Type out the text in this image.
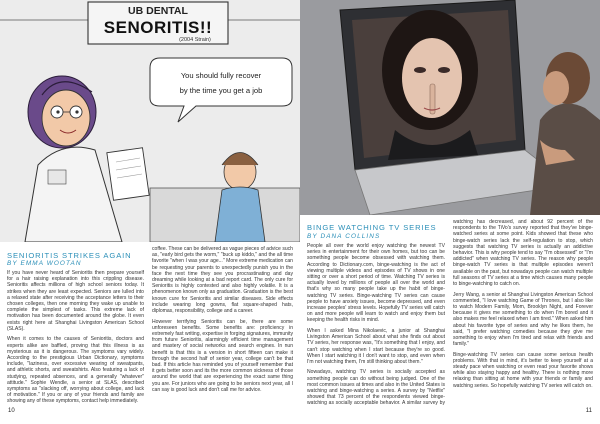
UB DENTAL
SENORITIS!!
(2004 Strain)
You should fully recover
by the time you get a job
SENIORITIS STRIKES AGAIN
BY EMMA WOOTAN

If you have never heard of Senioritis then prepare yourself for a hair raising explanation into this crippling disease. Senioritis affects millions of high school seniors today. It strikes when they are least expected. Seniors are lulled into a relaxed state after receiving the acceptance letters to their chosen colleges, then one morning they wake up unable to complete the simplest of tasks. This extreme lack of motivation has been documented around the globe. It even exists right here at Shanghai Livingston American School (SLAS).

When it comes to the causes of Senioritis, doctors and experts alike are baffled, proving that this illness is as mysterious as it is dangerous. The symptoms vary widely. According to the prestigious Urban Dictionary, symptoms include, "laziness, over excessive wearing of sweatpants, and athletic shorts, and sweatshirts. Also featuring a lack of studying, repeated absences, and a generally "whatever" attitude." Sophie Wendle, a senior at SLAS, described symptoms as "slacking off, worrying about college, and lack of motivation." If you or any of your friends and family are showing any of these symptoms, contact help immediately.

coffee. These can be delivered as vague pieces of advice such as, "early bird gets the worm," "buck up kiddo," and the all time favorite "when I was your age..." More extreme medication can be requesting your parents to unexpectedly punish you in the face the next time they see you procrastinating and day dreaming while looking at a bad report card. The only cure for Senioritis is highly contested and also highly volatile. It is a phenomenon known only as graduation. Graduation is the best known cure for Senioritis and similar diseases. Side effects include wearing long gowns, flat square-shaped hats, diplomas, responsibility, college and a career.

However terrifying Senioritis can be, there are some unforeseen benefits. Some benefits are: proficiency in extremely fast writing, expertise in forging signatures, immunity from future Senioritis, alarmingly efficient time management and mastery of social networks and search engines. In nun benefit is that this is a version in short fifteen can make it through the second half of senior year, college can't be that bad. If this article has reminded you of yourself remember that it gets better soon and its the more common sickness of those around the world that are experiencing the exact same thing you are. For juniors who are going to be seniors next year, all I can say is good luck and don't call me for advice.

10
BINGE WATCHING TV SERIES
BY DANA COLLINS

People all over the world enjoy watching the newest TV series in entertainment for their own homes, but too can be something people become obsessed with watching them. According to Dictionary.com, binge-watching is the act of viewing multiple videos and episodes of TV shows in one sitting or over a short period of time. Watching TV series is actually loved by millions of people all over the world and that's why so many people take up the habit of binge-watching TV series. Binge-watching TV series can cause people to have anxiety issues, become depressed, and even increase peoples' stress levels. Hopefully TV series will catch on and more people will learn to watch and enjoy them but keeping the health risks in mind.

When I asked Mina Nikolaevic, a junior at Shanghai Livingston American School about what she finds out about TV series, her response was, "It's something that I enjoy, and can't stop watching when I start because they're so good. When I start watching it I don't want to stop, and even when I'm not watching them, I'm still thinking about them."

Nowadays, watching TV series is socially accepted as something people can do without being judged. One of the most common issues at times and also in the United States is watching and binge-watching a series. A survey by "Netflix" showed that 73 percent of the respondents viewed binge-watching as socially acceptable behavior. A similar survey by

watching has decreased, and about 92 percent of the respondents to the TiVo's survey reported that they've binge-watched series at some point. Kids showed that these who binge-watch series lack the self-regulation to stop, which suggests that watching TV series is actually an addictive behavior. This is why people tend to say "I'm obsessed" or "I'm addicted" when watching TV series. The reason why people binge-watch TV series is that multiple episodes weren't available on the past, but nowadays people can watch multiple full seasons of TV series at a time which causes many people to binge-watching to catch on.

Jerry Wang, a senior at Shanghai Livingston American School commented, "I love watching Game of Thrones, but I also like to watch Modern Family, Mom, Brooklyn Night, and Forever because it gives me something to do when I'm bored and it also makes me feel relaxed when I am tired." When asked him about his favorite type of series and why he likes them, he said, "I prefer watching comedies because they give me something to enjoy when I'm tired and relax with friends and family."

Binge-watching TV series can cause some serious health problems. With that in mind, it's better to keep yourself at a steady pace when watching or even read your favorite shows while also staying happy and healthy. There is nothing more relaxing than sitting at home with your friends or family and watching series. So hopefully watching TV series will catch on.

11
